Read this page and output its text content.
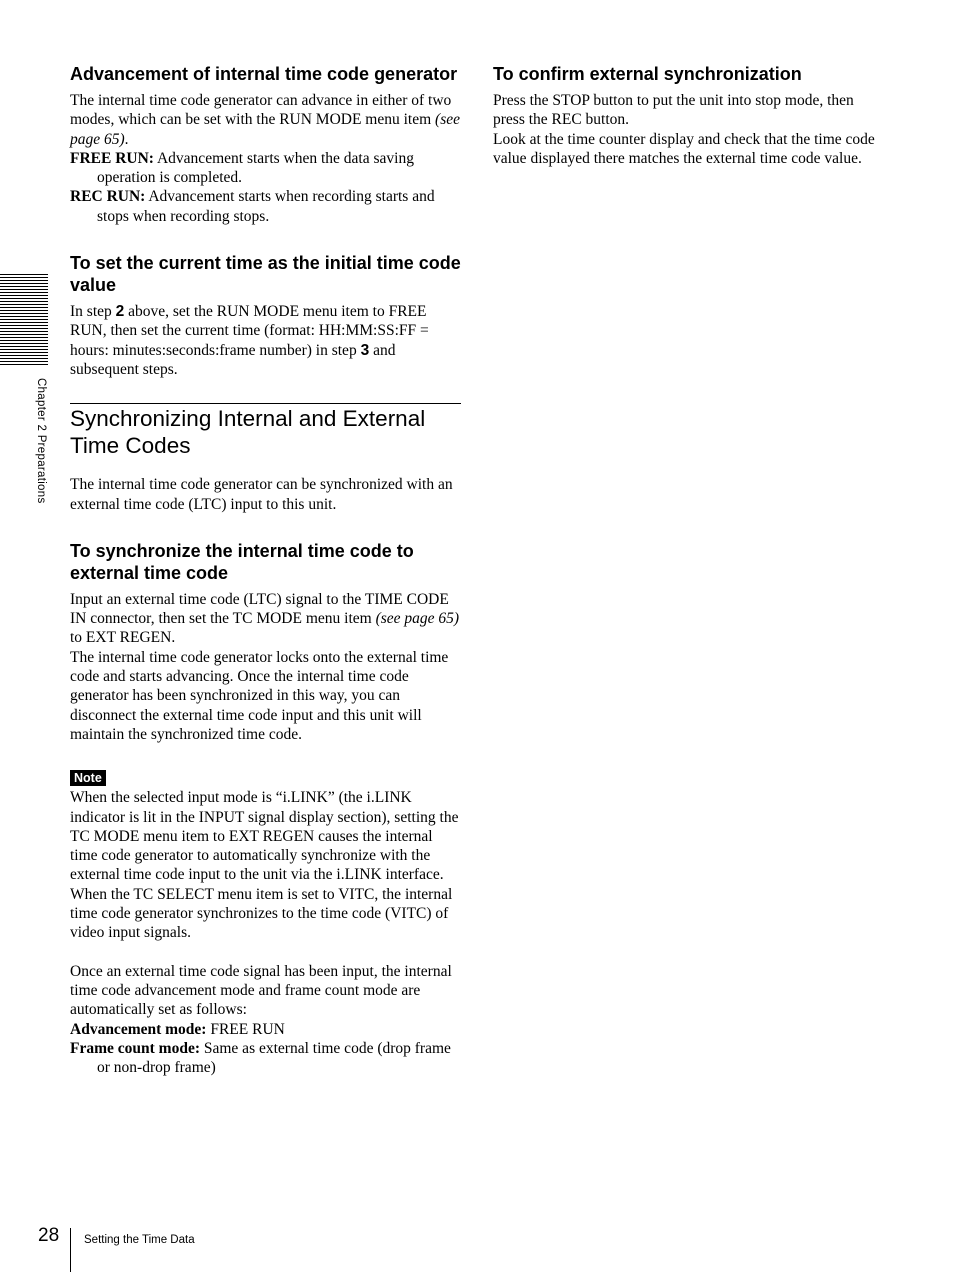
Chapter 2 Preparations
Advancement of internal time code generator

The internal time code generator can advance in either of two modes, which can be set with the RUN MODE menu item (see page 65).

FREE RUN: Advancement starts when the data saving operation is completed.

REC RUN: Advancement starts when recording starts and stops when recording stops.

To set the current time as the initial time code value

In step 2 above, set the RUN MODE menu item to FREE RUN, then set the current time (format: HH:MM:SS:FF = hours: minutes:seconds:frame number) in step 3 and subsequent steps.

Synchronizing Internal and External Time Codes

The internal time code generator can be synchronized with an external time code (LTC) input to this unit.

To synchronize the internal time code to external time code

Input an external time code (LTC) signal to the TIME CODE IN connector, then set the TC MODE menu item (see page 65) to EXT REGEN.

The internal time code generator locks onto the external time code and starts advancing. Once the internal time code generator has been synchronized in this way, you can disconnect the external time code input and this unit will maintain the synchronized time code.

Note

When the selected input mode is “i.LINK” (the i.LINK indicator is lit in the INPUT signal display section), setting the TC MODE menu item to EXT REGEN causes the internal time code generator to automatically synchronize with the external time code input to the unit via the i.LINK interface.

When the TC SELECT menu item is set to VITC, the internal time code generator synchronizes to the time code (VITC) of video input signals.

Once an external time code signal has been input, the internal time code advancement mode and frame count mode are automatically set as follows:

Advancement mode: FREE RUN

Frame count mode: Same as external time code (drop frame or non-drop frame)

To confirm external synchronization

Press the STOP button to put the unit into stop mode, then press the REC button.

Look at the time counter display and check that the time code value displayed there matches the external time code value.

28 Setting the Time Data
